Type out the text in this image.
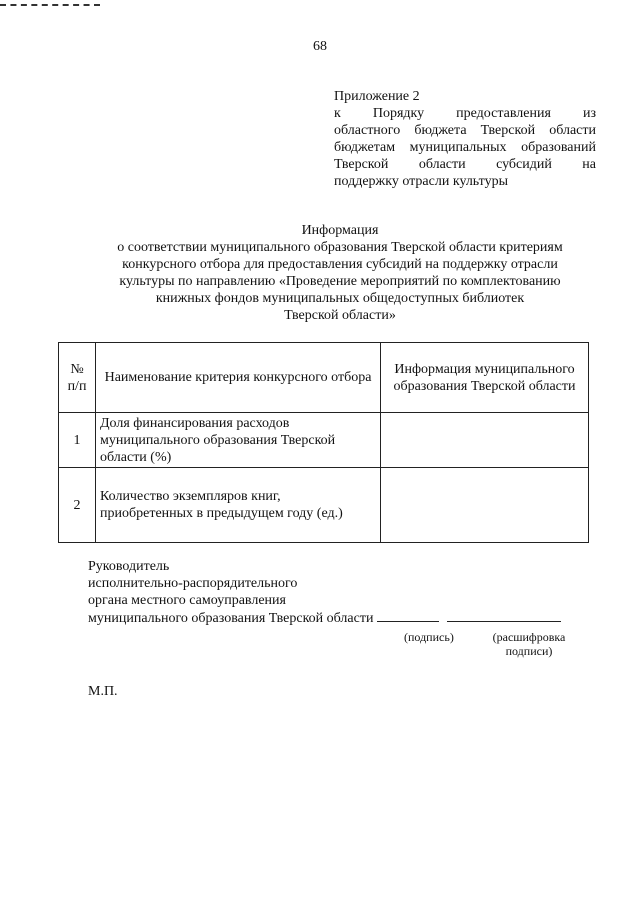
68
Приложение 2
к Порядку предоставления из
областного бюджета Тверской области
бюджетам муниципальных образований
Тверской области субсидий на
поддержку отрасли культуры
Информация
о соответствии муниципального образования Тверской области критериям
конкурсного отбора для предоставления субсидий на поддержку отрасли
культуры по направлению «Проведение мероприятий по комплектованию
книжных фондов муниципальных общедоступных библиотек
Тверской области»
№
п/п	Наименование критерия конкурсного отбора	Информация муниципального образования Тверской области
1	Доля финансирования расходов муниципального образования Тверской области (%)	
2	Количество экземпляров книг, приобретенных в предыдущем году (ед.)	
Руководитель
исполнительно-распорядительного
органа местного самоуправления
муниципального образования Тверской области
(подпись)	(расшифровка подписи)
М.П.
